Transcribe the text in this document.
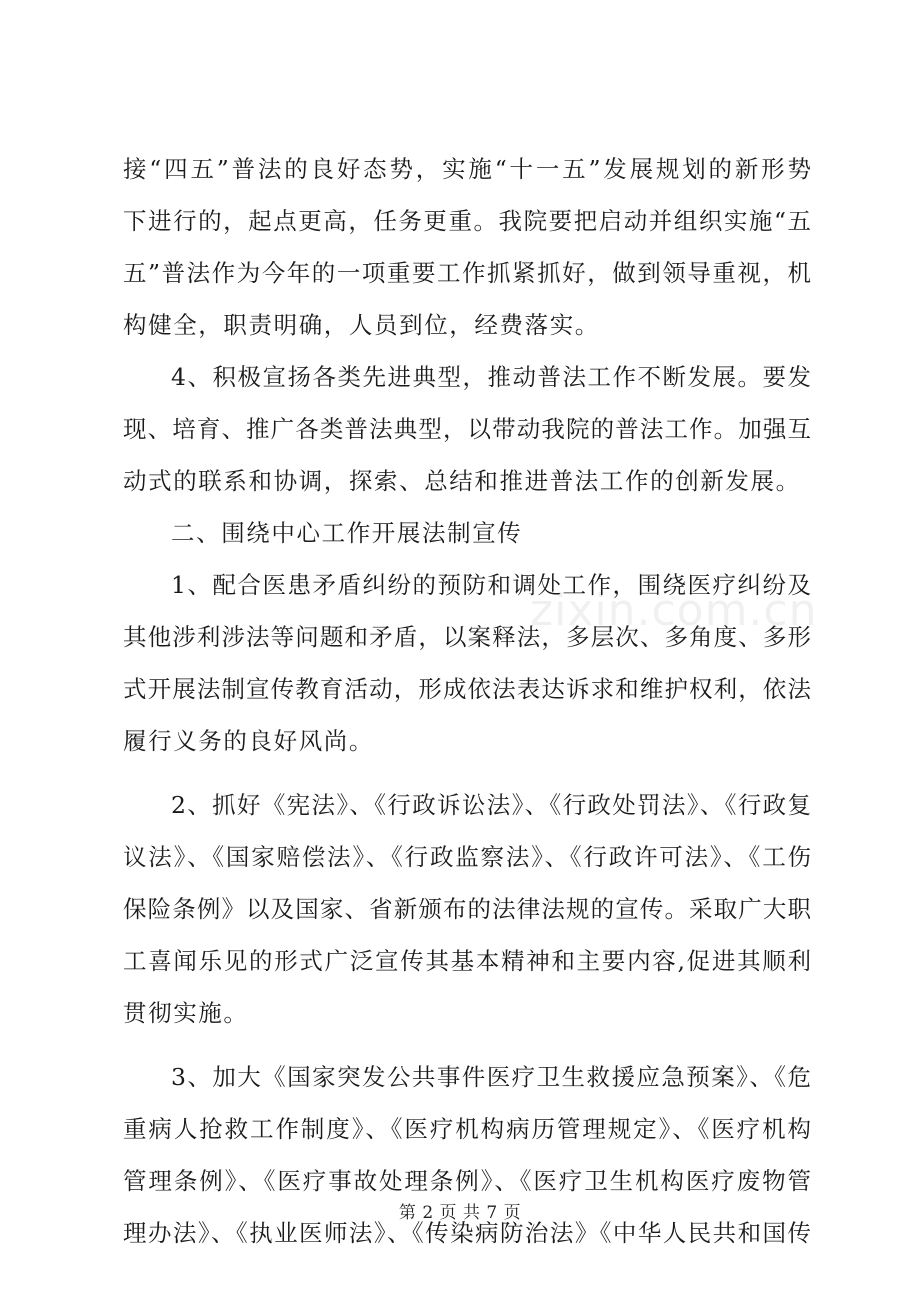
zixin.com.cn
接“四五”普法的良好态势，实施“十一五”发展规划的新形势
下进行的，起点更高，任务更重。我院要把启动并组织实施“五
五”普法作为今年的一项重要工作抓紧抓好，做到领导重视，机
构健全，职责明确，人员到位，经费落实。
4、积极宣扬各类先进典型，推动普法工作不断发展。要发
现、培育、推广各类普法典型，以带动我院的普法工作。加强互
动式的联系和协调，探索、总结和推进普法工作的创新发展。
二、围绕中心工作开展法制宣传
1、配合医患矛盾纠纷的预防和调处工作，围绕医疗纠纷及
其他涉利涉法等问题和矛盾，以案释法，多层次、多角度、多形
式开展法制宣传教育活动，形成依法表达诉求和维护权利，依法
履行义务的良好风尚。
2、抓好《宪法》、《行政诉讼法》、《行政处罚法》、《行政复
议法》、《国家赔偿法》、《行政监察法》、《行政许可法》、《工伤
保险条例》以及国家、省新颁布的法律法规的宣传。采取广大职
工喜闻乐见的形式广泛宣传其基本精神和主要内容,促进其顺利
贯彻实施。
3、加大《国家突发公共事件医疗卫生救援应急预案》、《危
重病人抢救工作制度》、《医疗机构病历管理规定》、《医疗机构
管理条例》、《医疗事故处理条例》、《医疗卫生机构医疗废物管
理办法》、《执业医师法》、《传染病防治法》《中华人民共和国传
第 2 页 共 7 页
